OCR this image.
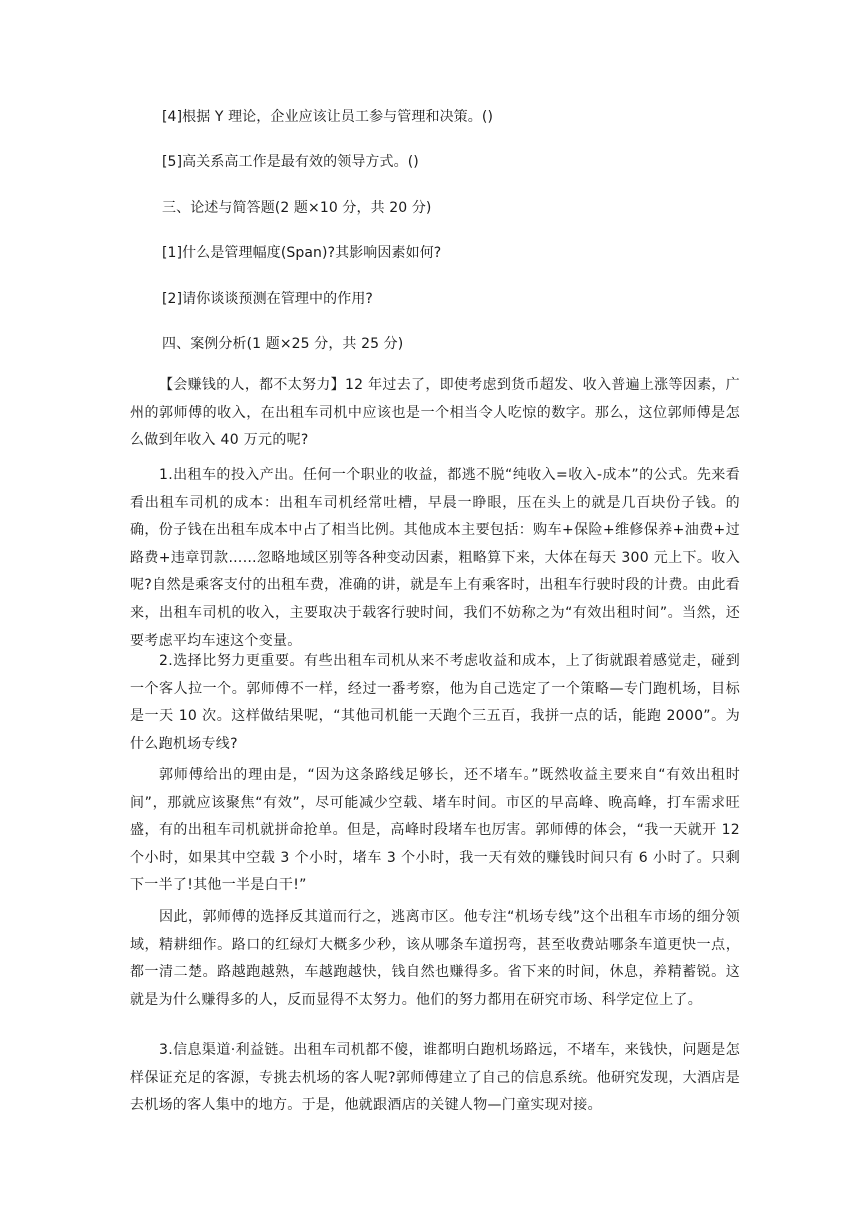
[4]根据 Y 理论，企业应该让员工参与管理和决策。()
[5]高关系高工作是最有效的领导方式。()
三、论述与简答题(2 题×10 分，共 20 分)
[1]什么是管理幅度(Span)?其影响因素如何?
[2]请你谈谈预测在管理中的作用?
四、案例分析(1 题×25 分，共 25 分)

【会赚钱的人，都不太努力】12 年过去了，即使考虑到货币超发、收入普遍上涨等因素，广州的郭师傅的收入，在出租车司机中应该也是一个相当令人吃惊的数字。那么，这位郭师傅是怎么做到年收入 40 万元的呢?

1.出租车的投入产出。任何一个职业的收益，都逃不脱“纯收入=收入-成本”的公式。先来看看出租车司机的成本：出租车司机经常吐槽，早晨一睁眼，压在头上的就是几百块份子钱。的确，份子钱在出租车成本中占了相当比例。其他成本主要包括：购车+保险+维修保养+油费+过路费+违章罚款……忽略地域区别等各种变动因素，粗略算下来，大体在每天 300 元上下。收入呢?自然是乘客支付的出租车费，准确的讲，就是车上有乘客时，出租车行驶时段的计费。由此看来，出租车司机的收入，主要取决于载客行驶时间，我们不妨称之为“有效出租时间”。当然，还要考虑平均车速这个变量。

2.选择比努力更重要。有些出租车司机从来不考虑收益和成本，上了街就跟着感觉走，碰到一个客人拉一个。郭师傅不一样，经过一番考察，他为自己选定了一个策略—专门跑机场，目标是一天 10 次。这样做结果呢，“其他司机能一天跑个三五百，我拼一点的话，能跑 2000”。为什么跑机场专线?

郭师傅给出的理由是，“因为这条路线足够长，还不堵车。”既然收益主要来自“有效出租时间”，那就应该聚焦“有效”，尽可能减少空载、堵车时间。市区的早高峰、晚高峰，打车需求旺盛，有的出租车司机就拼命抢单。但是，高峰时段堵车也厉害。郭师傅的体会，“我一天就开 12 个小时，如果其中空载 3 个小时，堵车 3 个小时，我一天有效的赚钱时间只有 6 小时了。只剩下一半了!其他一半是白干!”

因此，郭师傅的选择反其道而行之，逃离市区。他专注“机场专线”这个出租车市场的细分领域，精耕细作。路口的红绿灯大概多少秒，该从哪条车道拐弯，甚至收费站哪条车道更快一点，都一清二楚。路越跑越熟，车越跑越快，钱自然也赚得多。省下来的时间，休息，养精蓄锐。这就是为什么赚得多的人，反而显得不太努力。他们的努力都用在研究市场、科学定位上了。

3.信息渠道·利益链。出租车司机都不傻，谁都明白跑机场路远，不堵车，来钱快，问题是怎样保证充足的客源，专挑去机场的客人呢?郭师傅建立了自己的信息系统。他研究发现，大酒店是去机场的客人集中的地方。于是，他就跟酒店的关键人物—门童实现对接。
